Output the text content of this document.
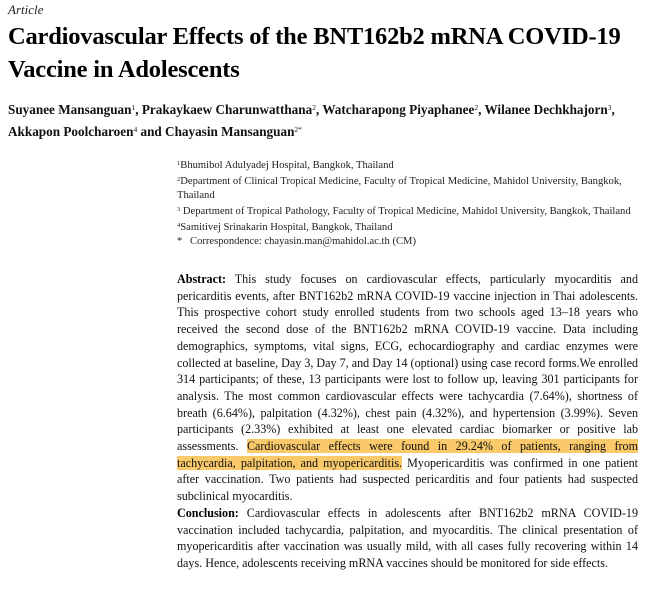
Article
Cardiovascular Effects of the BNT162b2 mRNA COVID-19 Vaccine in Adolescents
Suyanee Mansanguan$^1$, Prakaykaew Charunwatthana$^2$, Watcharapong Piyaphanee$^2$, Wilanee Dechkhajorn$^3$, Akkapon Poolcharoen$^4$ and Chayasin Mansanguan$^{2*}$
$^1$Bhumibol Adulyadej Hospital, Bangkok, Thailand
$^2$Department of Clinical Tropical Medicine, Faculty of Tropical Medicine, Mahidol University, Bangkok, Thailand
$^3$ Department of Tropical Pathology, Faculty of Tropical Medicine, Mahidol University, Bangkok, Thailand
$^4$Samitivej Srinakarin Hospital, Bangkok, Thailand
* Correspondence: chayasin.man@mahidol.ac.th (CM)
Abstract: This study focuses on cardiovascular effects, particularly myocarditis and pericarditis events, after BNT162b2 mRNA COVID-19 vaccine injection in Thai adolescents. This prospective cohort study enrolled students from two schools aged 13–18 years who received the second dose of the BNT162b2 mRNA COVID-19 vaccine. Data including demographics, symptoms, vital signs, ECG, echocardiography and cardiac enzymes were collected at baseline, Day 3, Day 7, and Day 14 (optional) using case record forms.We enrolled 314 participants; of these, 13 participants were lost to follow up, leaving 301 participants for analysis. The most common cardiovascular effects were tachycardia (7.64%), shortness of breath (6.64%), palpitation (4.32%), chest pain (4.32%), and hypertension (3.99%). Seven participants (2.33%) exhibited at least one elevated cardiac biomarker or positive lab assessments. Cardiovascular effects were found in 29.24% of patients, ranging from tachycardia, palpitation, and myopericarditis. Myopericarditis was confirmed in one patient after vaccination. Two patients had suspected pericarditis and four patients had suspected subclinical myocarditis.
Conclusion: Cardiovascular effects in adolescents after BNT162b2 mRNA COVID-19 vaccination included tachycardia, palpitation, and myocarditis. The clinical presentation of myopericarditis after vaccination was usually mild, with all cases fully recovering within 14 days. Hence, adolescents receiving mRNA vaccines should be monitored for side effects.
